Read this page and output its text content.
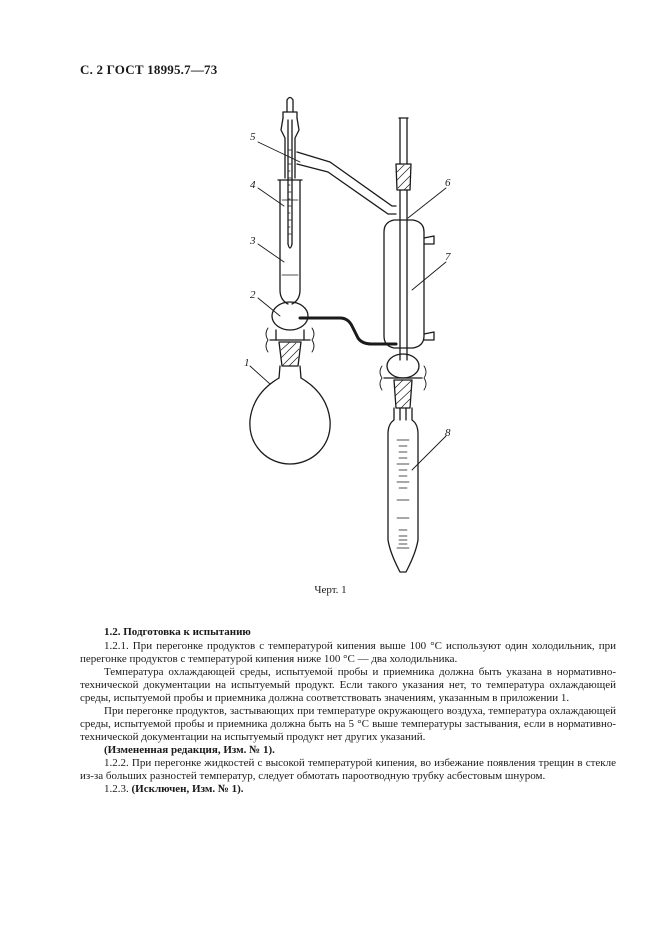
С. 2 ГОСТ 18995.7—73
5
4
3
2
1
6
7
8
Черт. 1

1.2. Подготовка к испытанию

1.2.1. При перегонке продуктов с температурой кипения выше 100 °С используют один холодильник, при перегонке продуктов с температурой кипения ниже 100 °С — два холодильника.

Температура охлаждающей среды, испытуемой пробы и приемника должна быть указана в нормативно-технической документации на испытуемый продукт. Если такого указания нет, то температура охлаждающей среды, испытуемой пробы и приемника должна соответствовать значениям, указанным в приложении 1.

При перегонке продуктов, застывающих при температуре окружающего воздуха, температура охлаждающей среды, испытуемой пробы и приемника должна быть на 5 °С выше температуры застывания, если в нормативно-технической документации на испытуемый продукт нет других указаний.

(Измененная редакция, Изм. № 1).

1.2.2. При перегонке жидкостей с высокой температурой кипения, во избежание появления трещин в стекле из-за больших разностей температур, следует обмотать пароотводную трубку асбестовым шнуром.

1.2.3. (Исключен, Изм. № 1).
